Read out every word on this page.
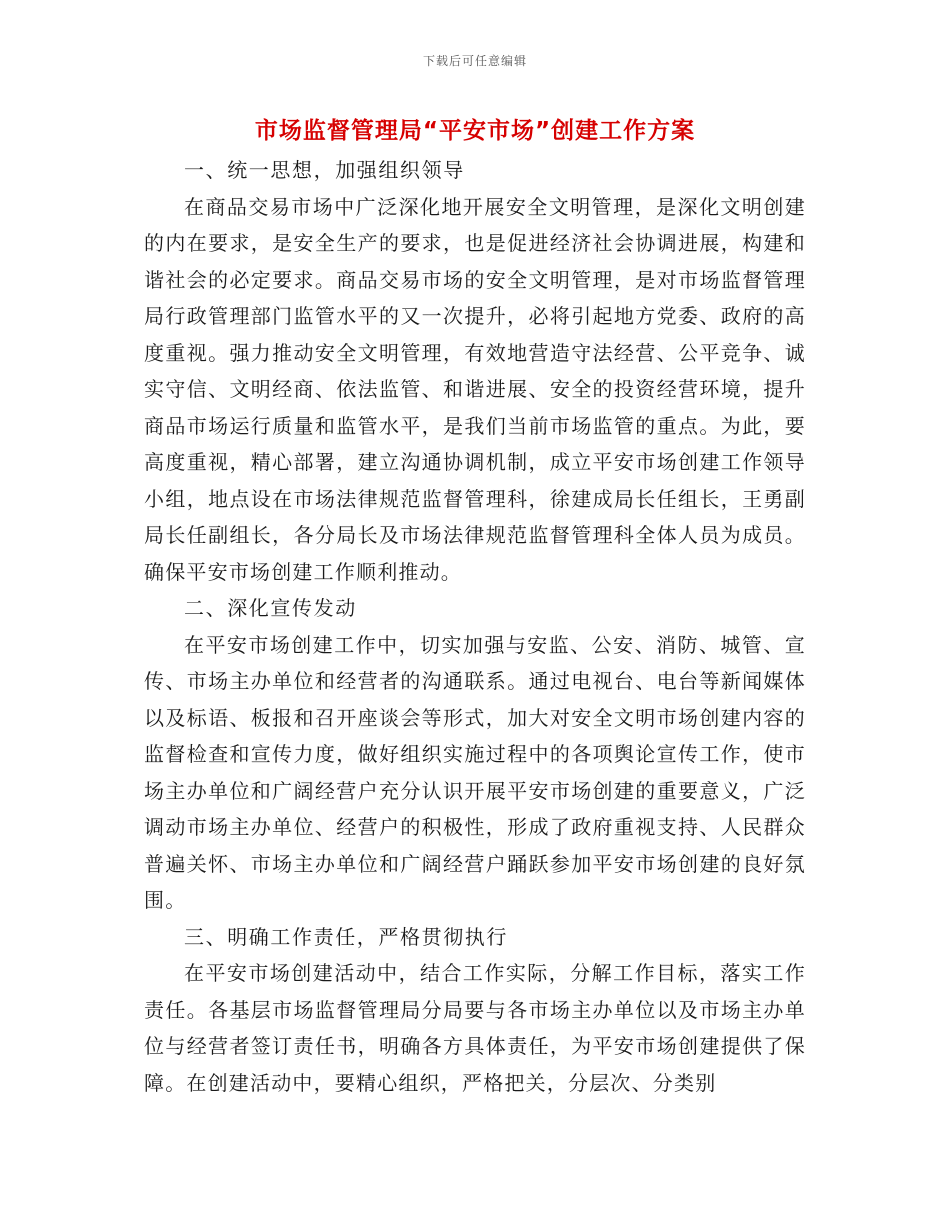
下载后可任意编辑
市场监督管理局“平安市场”创建工作方案

一、统一思想，加强组织领导

在商品交易市场中广泛深化地开展安全文明管理，是深化文明创建的内在要求，是安全生产的要求，也是促进经济社会协调进展，构建和谐社会的必定要求。商品交易市场的安全文明管理，是对市场监督管理局行政管理部门监管水平的又一次提升，必将引起地方党委、政府的高度重视。强力推动安全文明管理，有效地营造守法经营、公平竞争、诚实守信、文明经商、依法监管、和谐进展、安全的投资经营环境，提升商品市场运行质量和监管水平，是我们当前市场监管的重点。为此，要高度重视，精心部署，建立沟通协调机制，成立平安市场创建工作领导小组，地点设在市场法律规范监督管理科，徐建成局长任组长，王勇副局长任副组长，各分局长及市场法律规范监督管理科全体人员为成员。确保平安市场创建工作顺利推动。

二、深化宣传发动

在平安市场创建工作中，切实加强与安监、公安、消防、城管、宣传、市场主办单位和经营者的沟通联系。通过电视台、电台等新闻媒体以及标语、板报和召开座谈会等形式，加大对安全文明市场创建内容的监督检查和宣传力度，做好组织实施过程中的各项舆论宣传工作，使市场主办单位和广阔经营户充分认识开展平安市场创建的重要意义，广泛调动市场主办单位、经营户的积极性，形成了政府重视支持、人民群众普遍关怀、市场主办单位和广阔经营户踊跃参加平安市场创建的良好氛围。

三、明确工作责任，严格贯彻执行

在平安市场创建活动中，结合工作实际，分解工作目标，落实工作责任。各基层市场监督管理局分局要与各市场主办单位以及市场主办单位与经营者签订责任书，明确各方具体责任，为平安市场创建提供了保障。在创建活动中，要精心组织，严格把关，分层次、分类别
